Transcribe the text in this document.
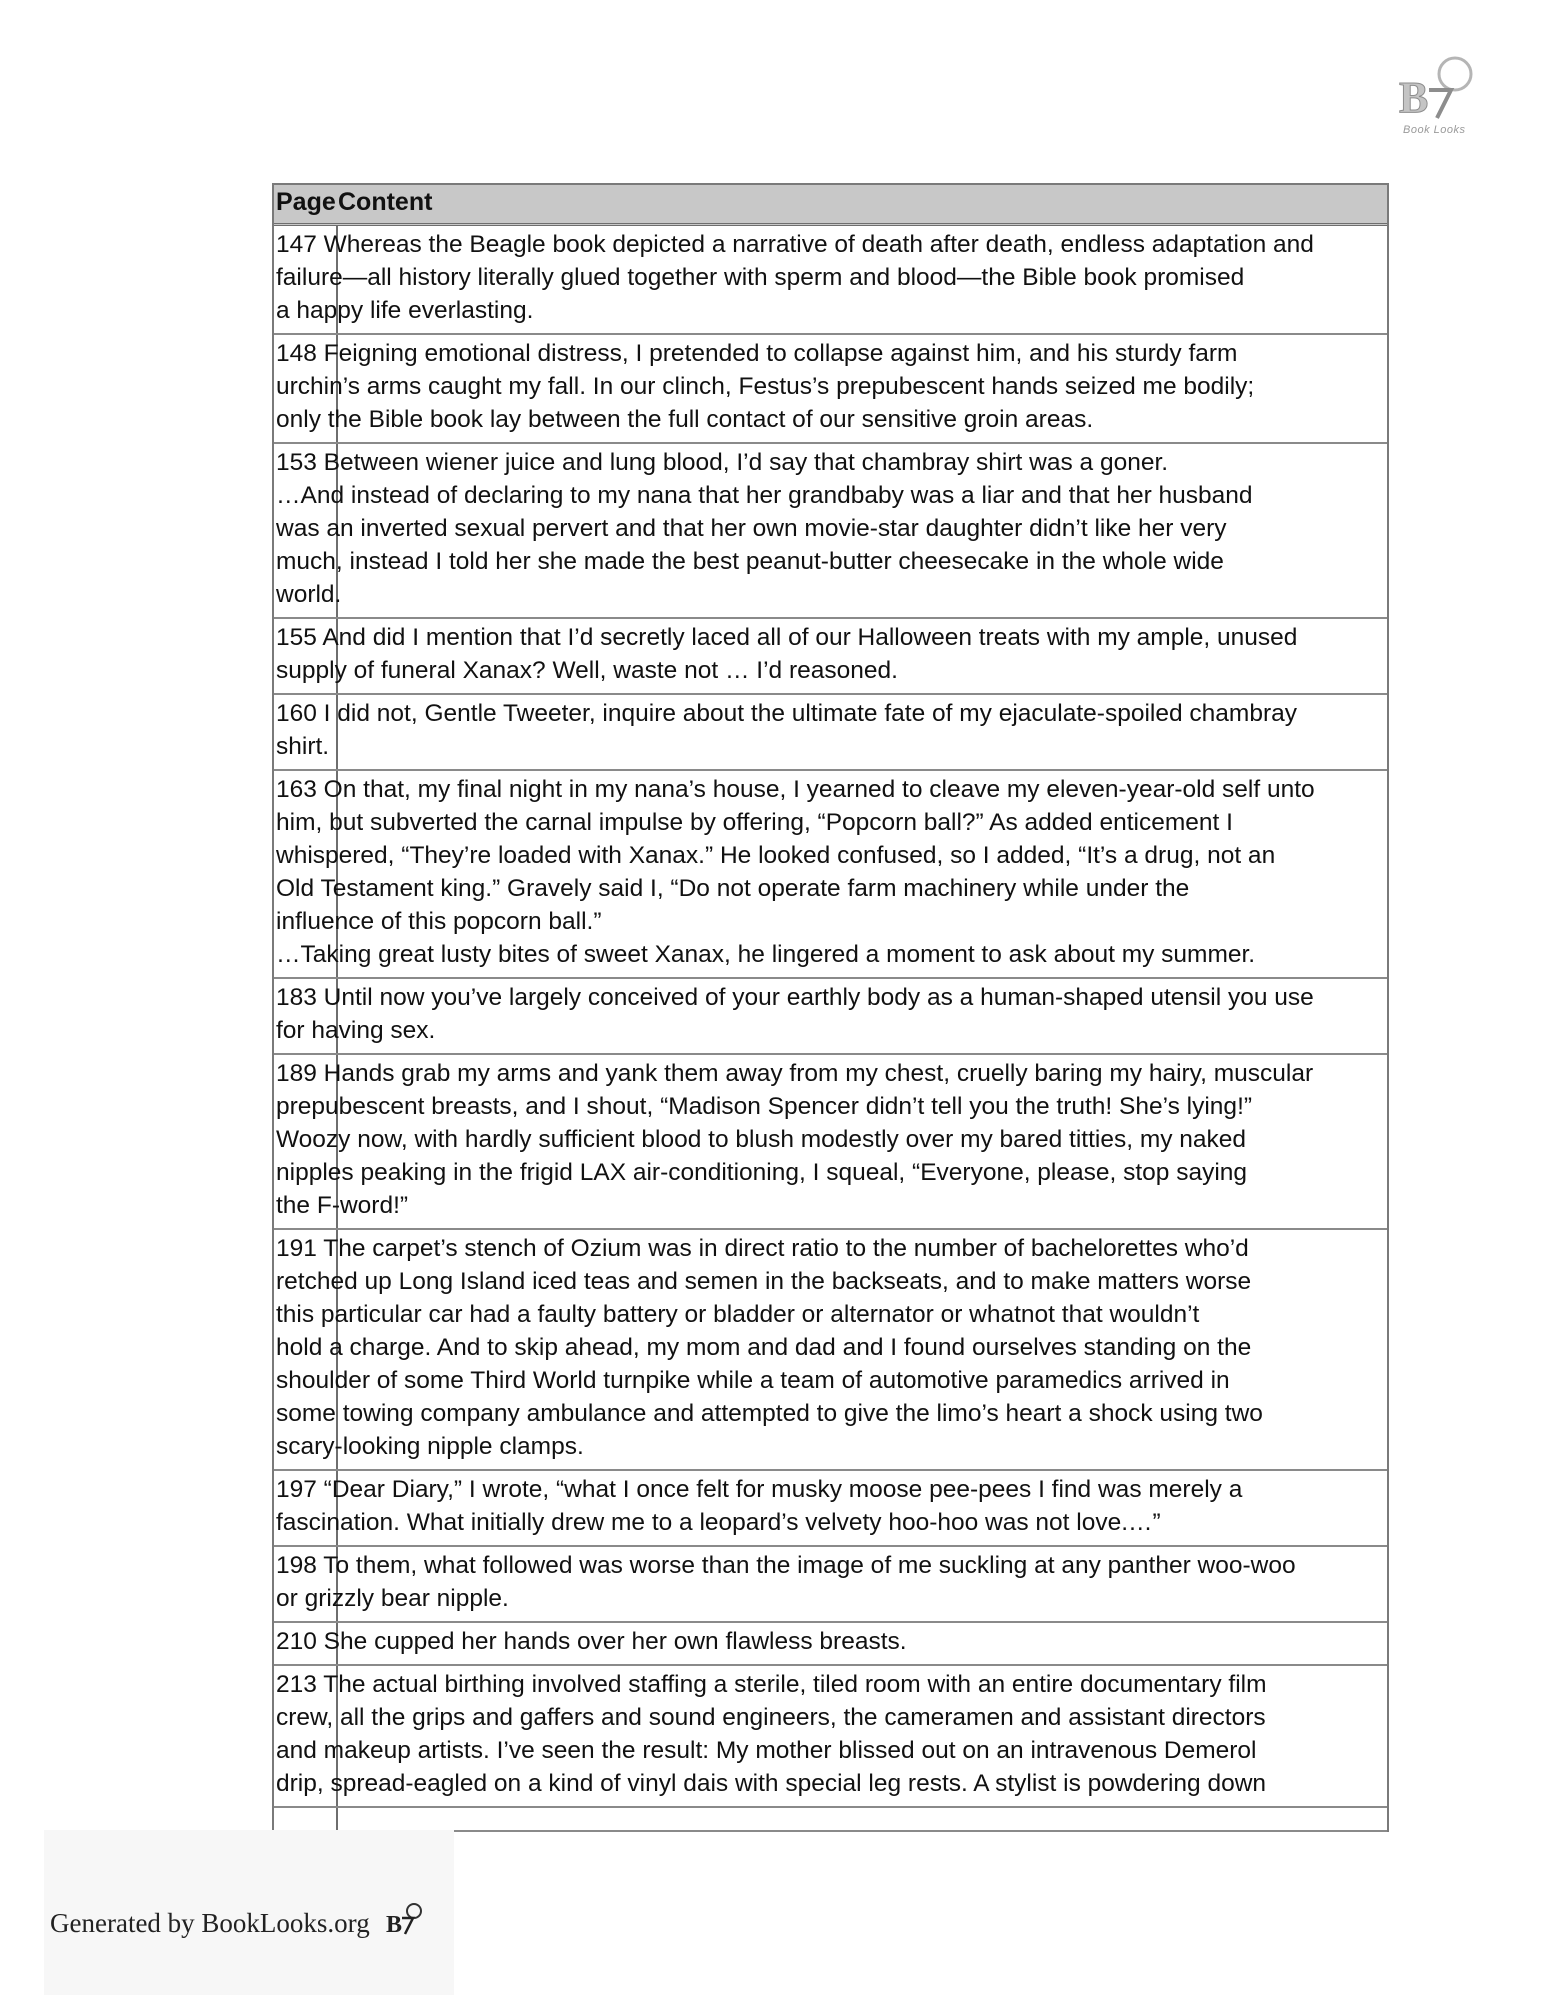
B
Book Looks
Page Content
147 Whereas the Beagle book depicted a narrative of death after death, endless adaptation and
failure—all history literally glued together with sperm and blood—the Bible book promised
a happy life everlasting.
148 Feigning emotional distress, I pretended to collapse against him, and his sturdy farm
urchin’s arms caught my fall. In our clinch, Festus’s prepubescent hands seized me bodily;
only the Bible book lay between the full contact of our sensitive groin areas.
153 Between wiener juice and lung blood, I’d say that chambray shirt was a goner.
…And instead of declaring to my nana that her grandbaby was a liar and that her husband
was an inverted sexual pervert and that her own movie-star daughter didn’t like her very
much, instead I told her she made the best peanut-butter cheesecake in the whole wide
world.
155 And did I mention that I’d secretly laced all of our Halloween treats with my ample, unused
supply of funeral Xanax? Well, waste not … I’d reasoned.
160 I did not, Gentle Tweeter, inquire about the ultimate fate of my ejaculate-spoiled chambray
shirt.
163 On that, my final night in my nana’s house, I yearned to cleave my eleven-year-old self unto
him, but subverted the carnal impulse by offering, “Popcorn ball?” As added enticement I
whispered, “They’re loaded with Xanax.” He looked confused, so I added, “It’s a drug, not an
Old Testament king.” Gravely said I, “Do not operate farm machinery while under the
influence of this popcorn ball.”
…Taking great lusty bites of sweet Xanax, he lingered a moment to ask about my summer.
183 Until now you’ve largely conceived of your earthly body as a human-shaped utensil you use
for having sex.
189 Hands grab my arms and yank them away from my chest, cruelly baring my hairy, muscular
prepubescent breasts, and I shout, “Madison Spencer didn’t tell you the truth! She’s lying!”
Woozy now, with hardly sufficient blood to blush modestly over my bared titties, my naked
nipples peaking in the frigid LAX air-conditioning, I squeal, “Everyone, please, stop saying
the F-word!”
191 The carpet’s stench of Ozium was in direct ratio to the number of bachelorettes who’d
retched up Long Island iced teas and semen in the backseats, and to make matters worse
this particular car had a faulty battery or bladder or alternator or whatnot that wouldn’t
hold a charge. And to skip ahead, my mom and dad and I found ourselves standing on the
shoulder of some Third World turnpike while a team of automotive paramedics arrived in
some towing company ambulance and attempted to give the limo’s heart a shock using two
scary-looking nipple clamps.
197 “Dear Diary,” I wrote, “what I once felt for musky moose pee-pees I find was merely a
fascination. What initially drew me to a leopard’s velvety hoo-hoo was not love.…”
198 To them, what followed was worse than the image of me suckling at any panther woo-woo
or grizzly bear nipple.
210 She cupped her hands over her own flawless breasts.
213 The actual birthing involved staffing a sterile, tiled room with an entire documentary film
crew, all the grips and gaffers and sound engineers, the cameramen and assistant directors
and makeup artists. I’ve seen the result: My mother blissed out on an intravenous Demerol
drip, spread-eagled on a kind of vinyl dais with special leg rests. A stylist is powdering down
Generated by BookLooks.org B
